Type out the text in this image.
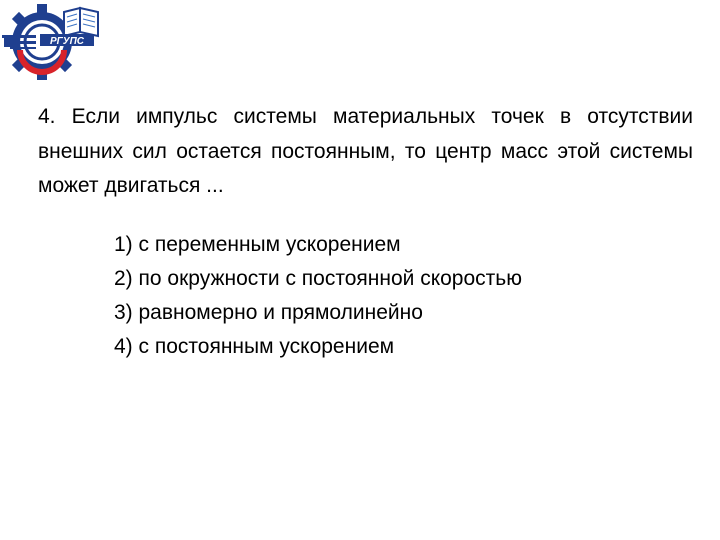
РГУПС

4. Если импульс системы материальных точек в отсутствии внешних сил остается постоянным, то центр масс этой системы может двигаться ...

1) с переменным ускорением
2) по окружности с постоянной скоростью
3) равномерно и прямолинейно
4) с постоянным ускорением
